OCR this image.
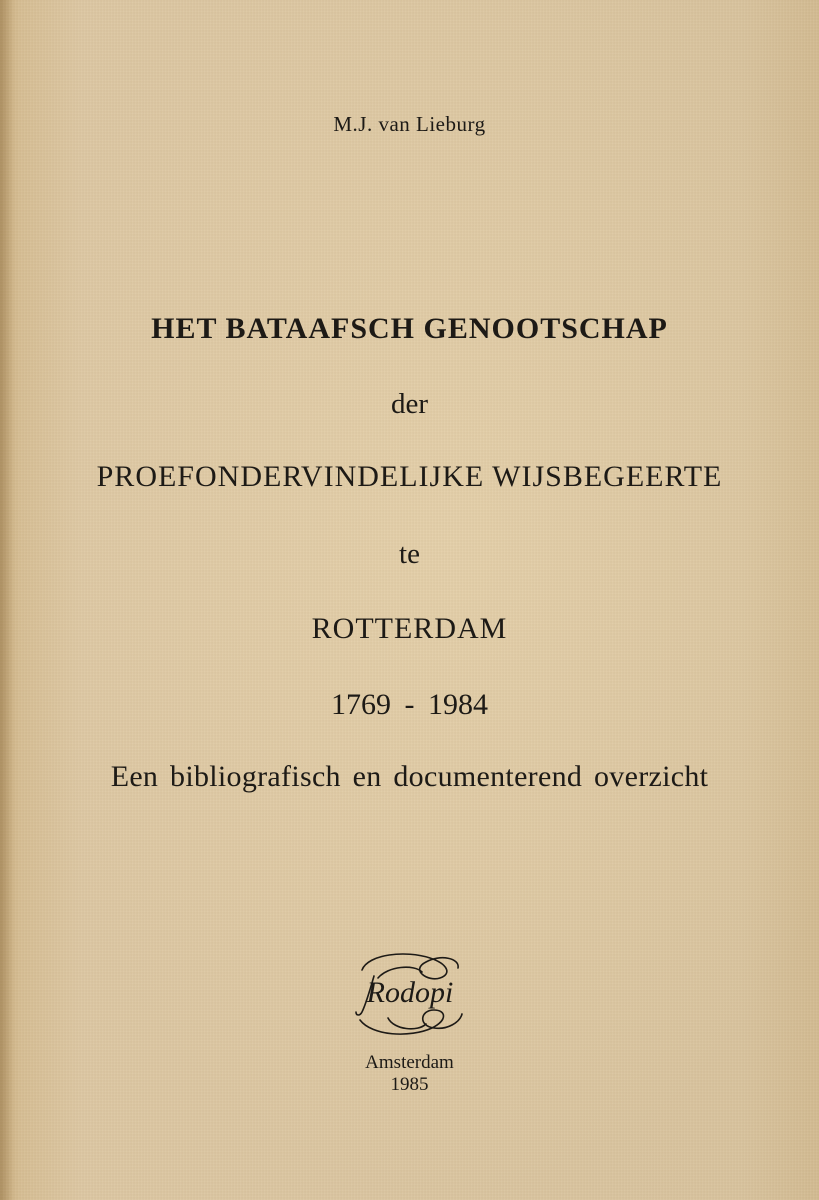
M.J. van Lieburg
HET BATAAFSCH GENOOTSCHAP
der
PROEFONDERVINDELIJKE WIJSBEGEERTE
te
ROTTERDAM
1769 - 1984
Een bibliografisch en documenterend overzicht
Rodopi
Amsterdam
1985
